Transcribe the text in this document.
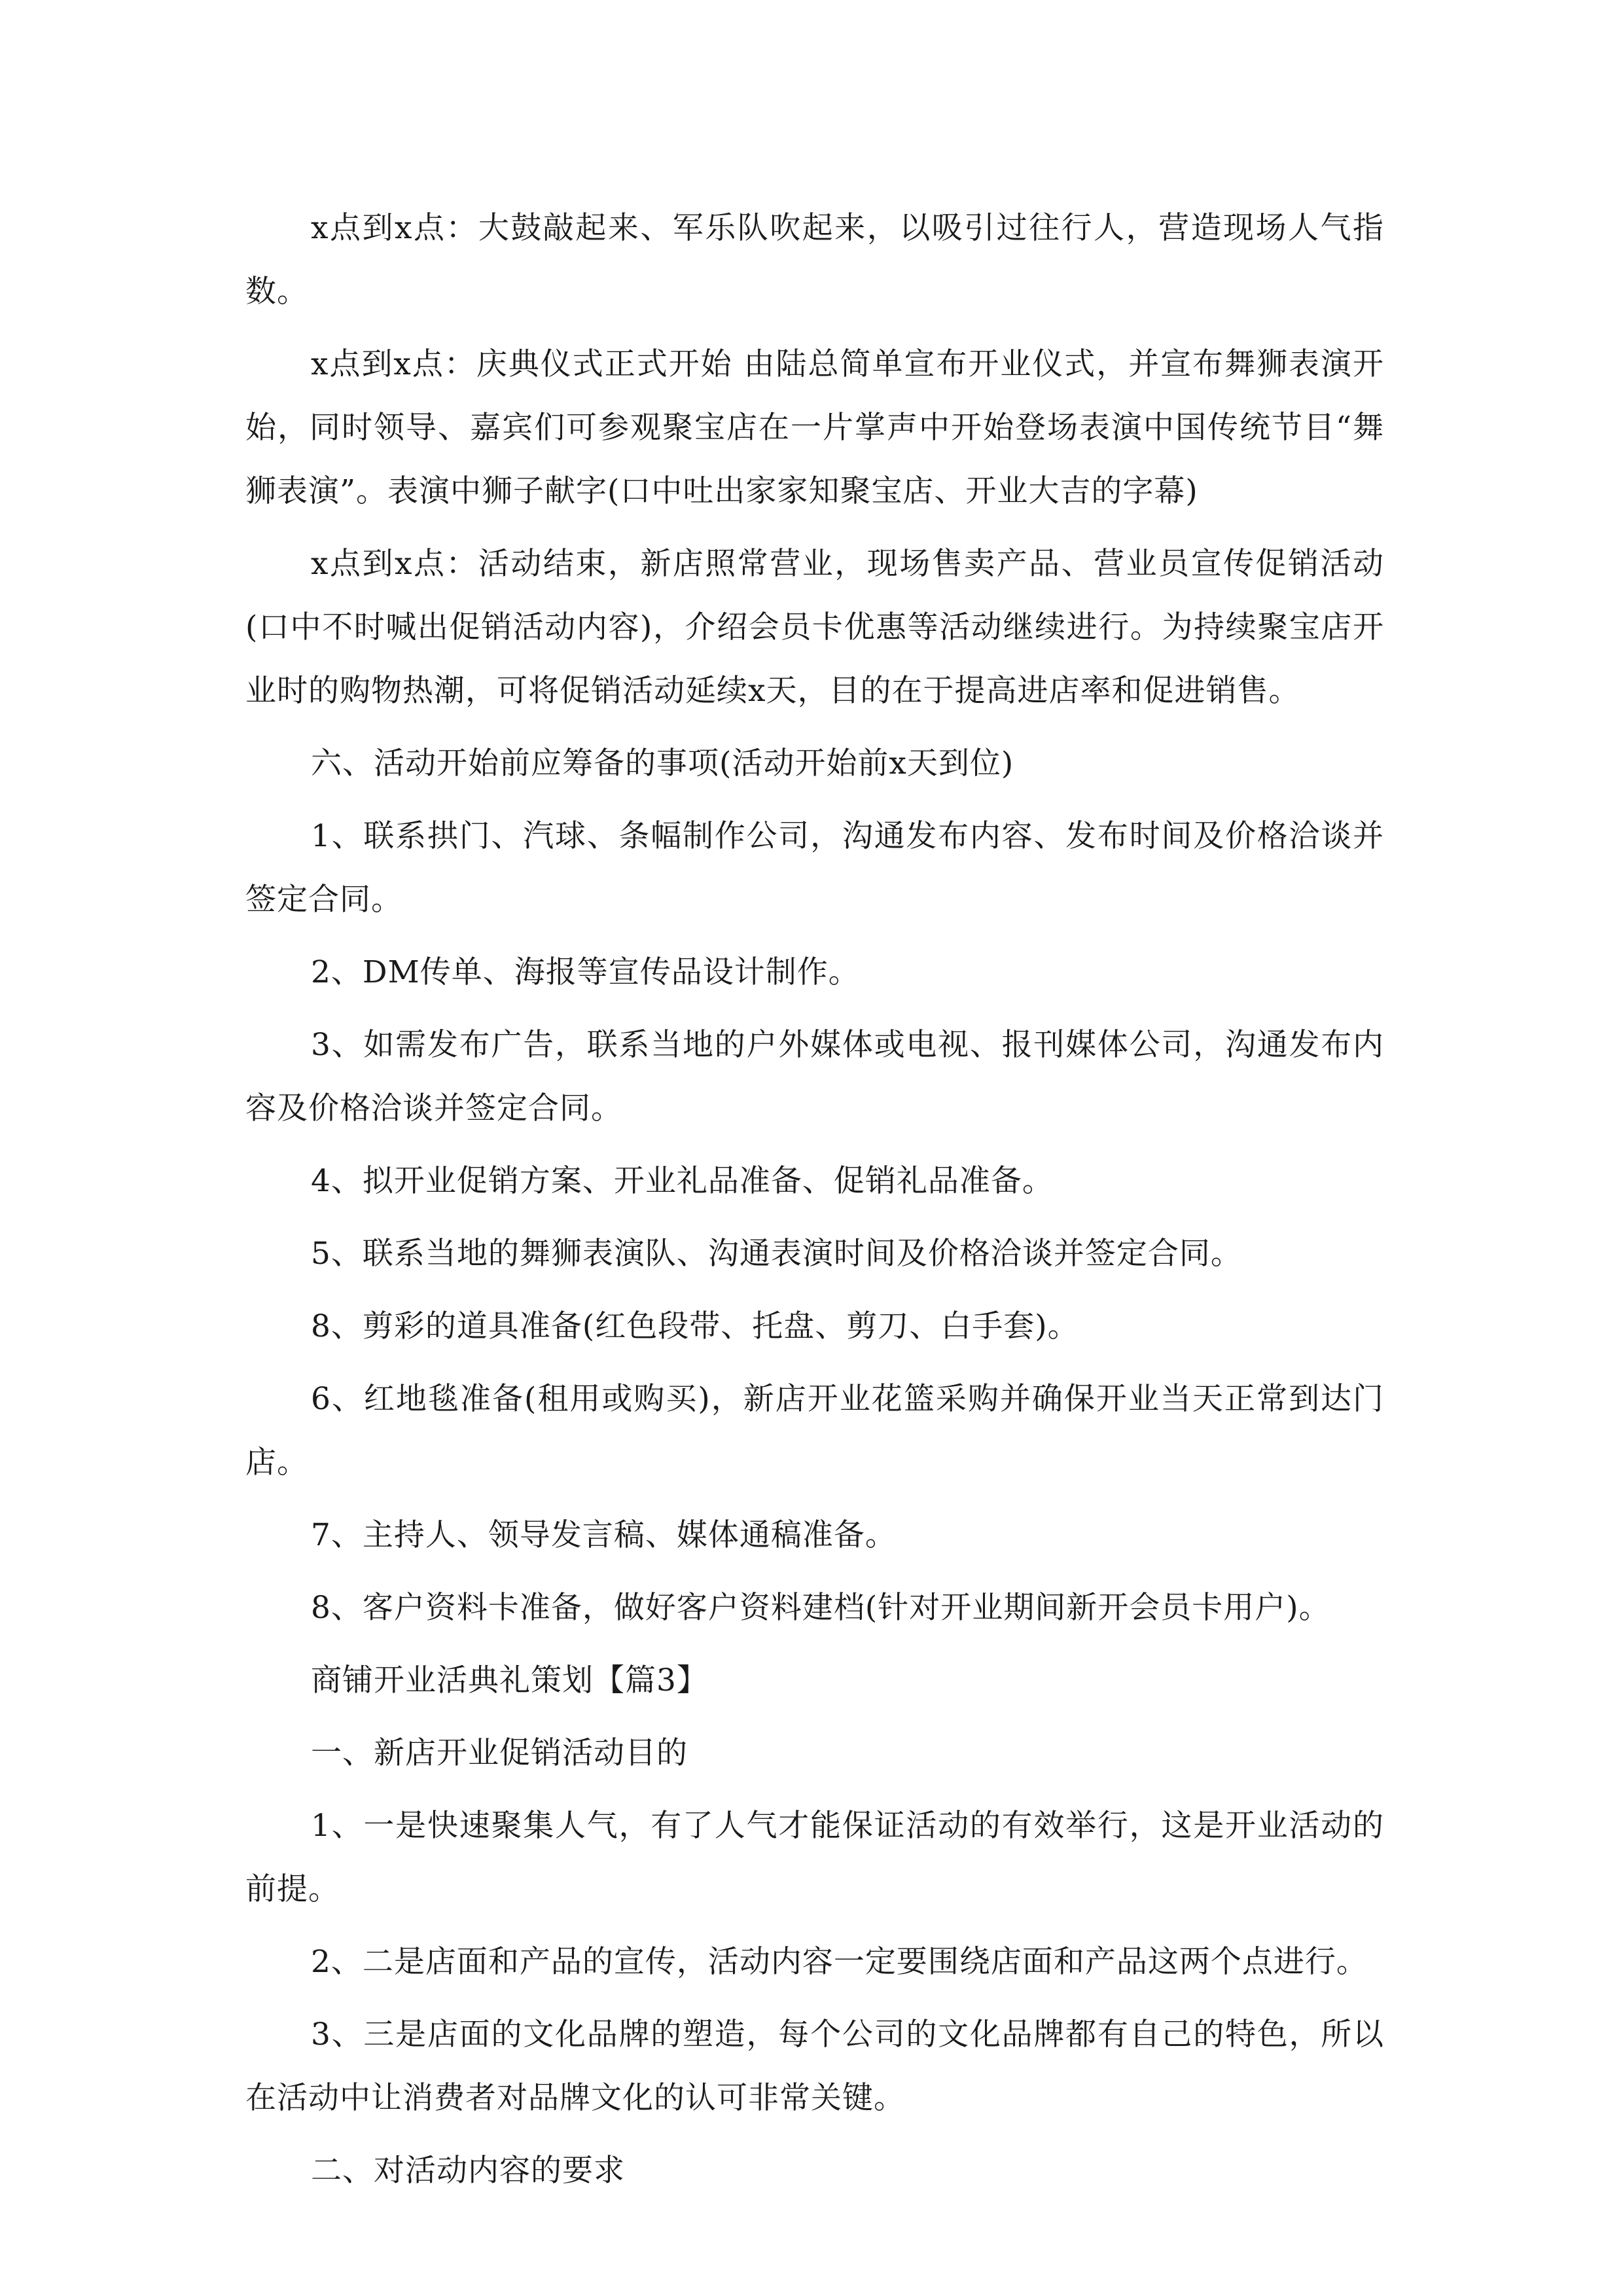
x点到x点：大鼓敲起来、军乐队吹起来，以吸引过往行人，营造现场人气指数。

x点到x点：庆典仪式正式开始 由陆总简单宣布开业仪式，并宣布舞狮表演开始，同时领导、嘉宾们可参观聚宝店在一片掌声中开始登场表演中国传统节目“舞狮表演”。表演中狮子献字(口中吐出家家知聚宝店、开业大吉的字幕)

x点到x点：活动结束，新店照常营业，现场售卖产品、营业员宣传促销活动(口中不时喊出促销活动内容)，介绍会员卡优惠等活动继续进行。为持续聚宝店开业时的购物热潮，可将促销活动延续x天，目的在于提高进店率和促进销售。

六、活动开始前应筹备的事项(活动开始前x天到位)

1、联系拱门、汽球、条幅制作公司，沟通发布内容、发布时间及价格洽谈并签定合同。

2、DM传单、海报等宣传品设计制作。

3、如需发布广告，联系当地的户外媒体或电视、报刊媒体公司，沟通发布内容及价格洽谈并签定合同。

4、拟开业促销方案、开业礼品准备、促销礼品准备。

5、联系当地的舞狮表演队、沟通表演时间及价格洽谈并签定合同。

8、剪彩的道具准备(红色段带、托盘、剪刀、白手套)。

6、红地毯准备(租用或购买)，新店开业花篮采购并确保开业当天正常到达门店。

7、主持人、领导发言稿、媒体通稿准备。

8、客户资料卡准备，做好客户资料建档(针对开业期间新开会员卡用户)。

商铺开业活典礼策划【篇3】

一、新店开业促销活动目的

1、一是快速聚集人气，有了人气才能保证活动的有效举行，这是开业活动的前提。

2、二是店面和产品的宣传，活动内容一定要围绕店面和产品这两个点进行。

3、三是店面的文化品牌的塑造，每个公司的文化品牌都有自己的特色，所以在活动中让消费者对品牌文化的认可非常关键。

二、对活动内容的要求
